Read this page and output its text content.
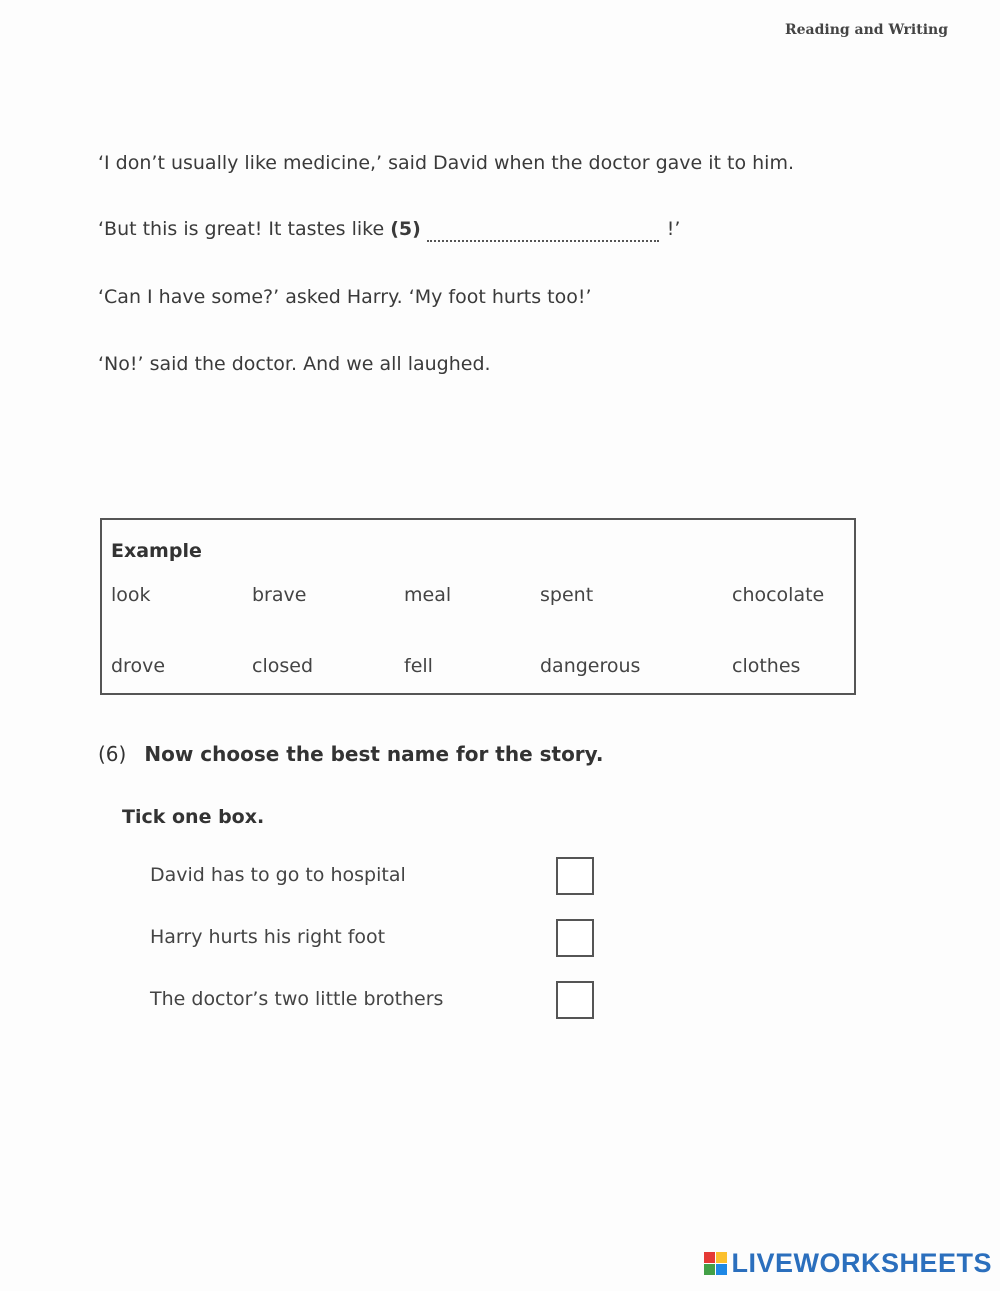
Reading and Writing
‘I don’t usually like medicine,’ said David when the doctor gave it to him.
‘But this is great! It tastes like (5)	!’
‘Can I have some?’ asked Harry. ‘My foot hurts too!’
‘No!’ said the doctor. And we all laughed.
Example
look	brave	meal	spent	chocolate
drove	closed	fell	dangerous	clothes
(6) Now choose the best name for the story.
Tick one box.
David has to go to hospital
Harry hurts his right foot
The doctor’s two little brothers
LIVEWORKSHEETS
